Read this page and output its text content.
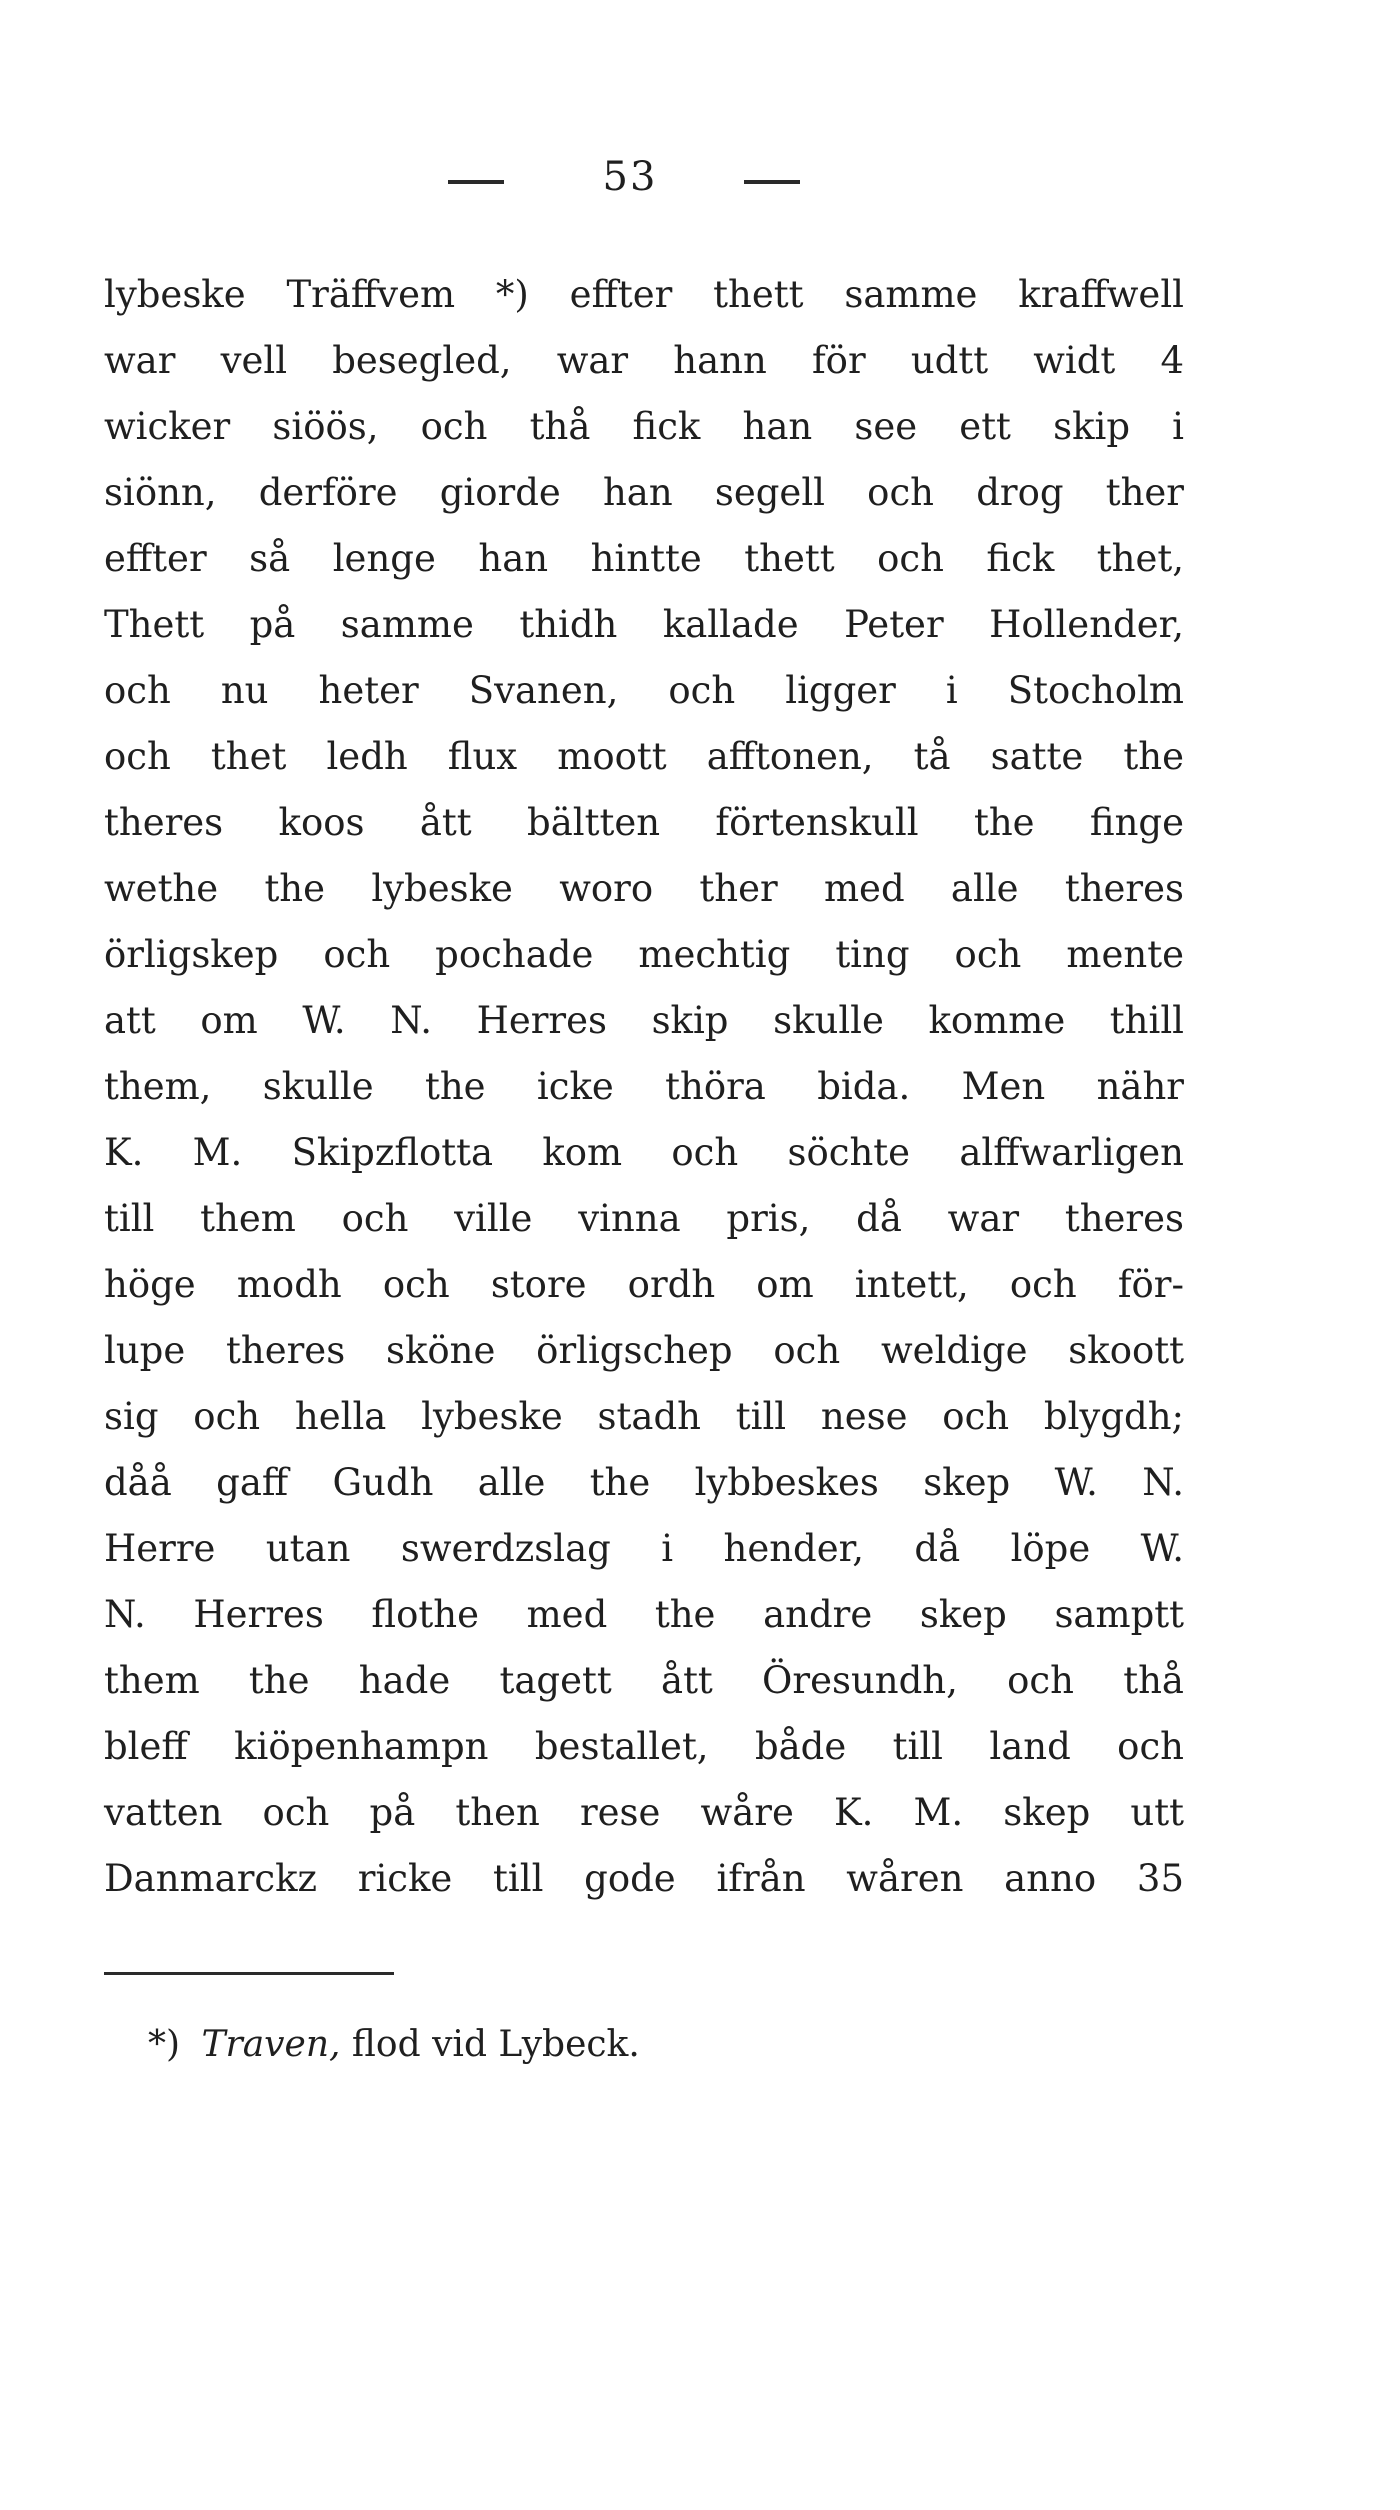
53
lybeske Träffvem *) effter thett samme kraffwell
war vell besegled, war hann för udtt widt 4
wicker siöös, och thå fick han see ett skip i
siönn, derföre giorde han segell och drog ther
effter så lenge han hintte thett och fick thet,
Thett på samme thidh kallade Peter Hollender,
och nu heter Svanen, och ligger i Stocholm
och thet ledh flux moott afftonen, tå satte the
theres koos ått bältten förtenskull the finge
wethe the lybeske woro ther med alle theres
örligskep och pochade mechtig ting och mente
att om W. N. Herres skip skulle komme thill
them, skulle the icke thöra bida. Men nähr
K. M. Skipzflotta kom och söchte alffwarligen
till them och ville vinna pris, då war theres
höge modh och store ordh om intett, och för-
lupe theres sköne örligschep och weldige skoott
sig och hella lybeske stadh till nese och blygdh;
dåå gaff Gudh alle the lybbeskes skep W. N.
Herre utan swerdzslag i hender, då löpe W.
N. Herres flothe med the andre skep samptt
them the hade tagett ått Öresundh, och thå
bleff kiöpenhampn bestallet, både till land och
vatten och på then rese wåre K. M. skep utt
Danmarckz ricke till gode ifrån wåren anno 35
*) Traven, flod vid Lybeck.
